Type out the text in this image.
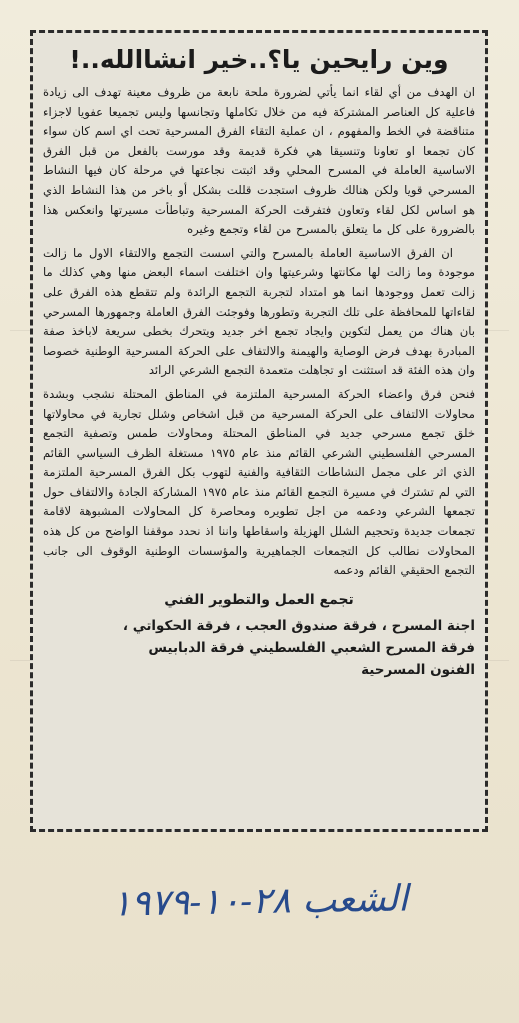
وين رايحين يا؟..خير انشاالله..!

ان الهدف من أي لقاء انما يأتي لضرورة ملحة نابعة من ظروف معينة تهدف الى زيادة فاعلية كل العناصر المشتركة فيه من خلال تكاملها وتجانسها وليس تجميعا عفويا لاجزاء متناقضة في الخط والمفهوم ، ان عملية التقاء الفرق المسرحية تحت اي اسم كان سواء كان تجمعا او تعاونا وتنسيقا هي فكرة قديمة وقد مورست بالفعل من قبل الفرق الاساسية العاملة في المسرح المحلي وقد اثبتت نجاعتها في مرحلة كان فيها النشاط المسرحي قويا ولكن هنالك ظروف استجدت قللت بشكل أو باخر من هذا النشاط الذي هو اساس لكل لقاء وتعاون فتفرقت الحركة المسرحية وتباطأت مسيرتها وانعكس هذا بالضرورة على كل ما يتعلق بالمسرح من لقاء وتجمع وغيره

ان الفرق الاساسية العاملة بالمسرح والتي اسست التجمع والالتقاء الاول ما زالت موجودة وما زالت لها مكانتها وشرعيتها وان اختلفت اسماء البعض منها وهي كذلك ما زالت تعمل ووجودها انما هو امتداد لتجربة التجمع الرائدة ولم تتقطع هذه الفرق على لقاءاتها للمحافظة على تلك التجربة وتطورها وفوجئت الفرق العاملة وجمهورها المسرحي بان هناك من يعمل لتكوين وايجاد تجمع اخر جديد ويتحرك بخطى سريعة لاباخذ صفة المبادرة بهدف فرض الوصاية والهيمنة والالتفاف على الحركة المسرحية الوطنية خصوصا وان هذه الفئة قد استثنت او تجاهلت متعمدة التجمع الشرعي الرائد

فنحن فرق واعضاء الحركة المسرحية الملتزمة في المناطق المحتلة نشجب وبشدة محاولات الالتفاف على الحركة المسرحية من قبل اشخاص وشلل تجارية في محاولاتها خلق تجمع مسرحي جديد في المناطق المحتلة ومحاولات طمس وتصفية التجمع المسرحي الفلسطيني الشرعي القائم منذ عام ١٩٧٥ مستغلة الظرف السياسي القائم الذي اثر على مجمل النشاطات الثقافية والفنية لتهوب بكل الفرق المسرحية الملتزمة التي لم تشترك في مسيرة التجمع القائم منذ عام ١٩٧٥ المشاركة الجادة والالتفاف حول تجمعها الشرعي ودعمه من اجل تطويره ومحاصرة كل المحاولات المشبوهة لاقامة تجمعات جديدة وتحجيم الشلل الهزيلة واسقاطها واننا اذ نحدد موقفنا الواضح من كل هذه المحاولات نطالب كل التجمعات الجماهيرية والمؤسسات الوطنية الوقوف الى جانب التجمع الحقيقي القائم ودعمه

تجمع العمل والتطوير الفني

اجنة المسرح ، فرقة صندوق العجب ، فرقة الحكواتي ،

فرقة المسرح الشعبي الفلسطيني فرقة الدبابيس

الفنون المسرحية

الشعب ٢٨-١٠-١٩٧٩
